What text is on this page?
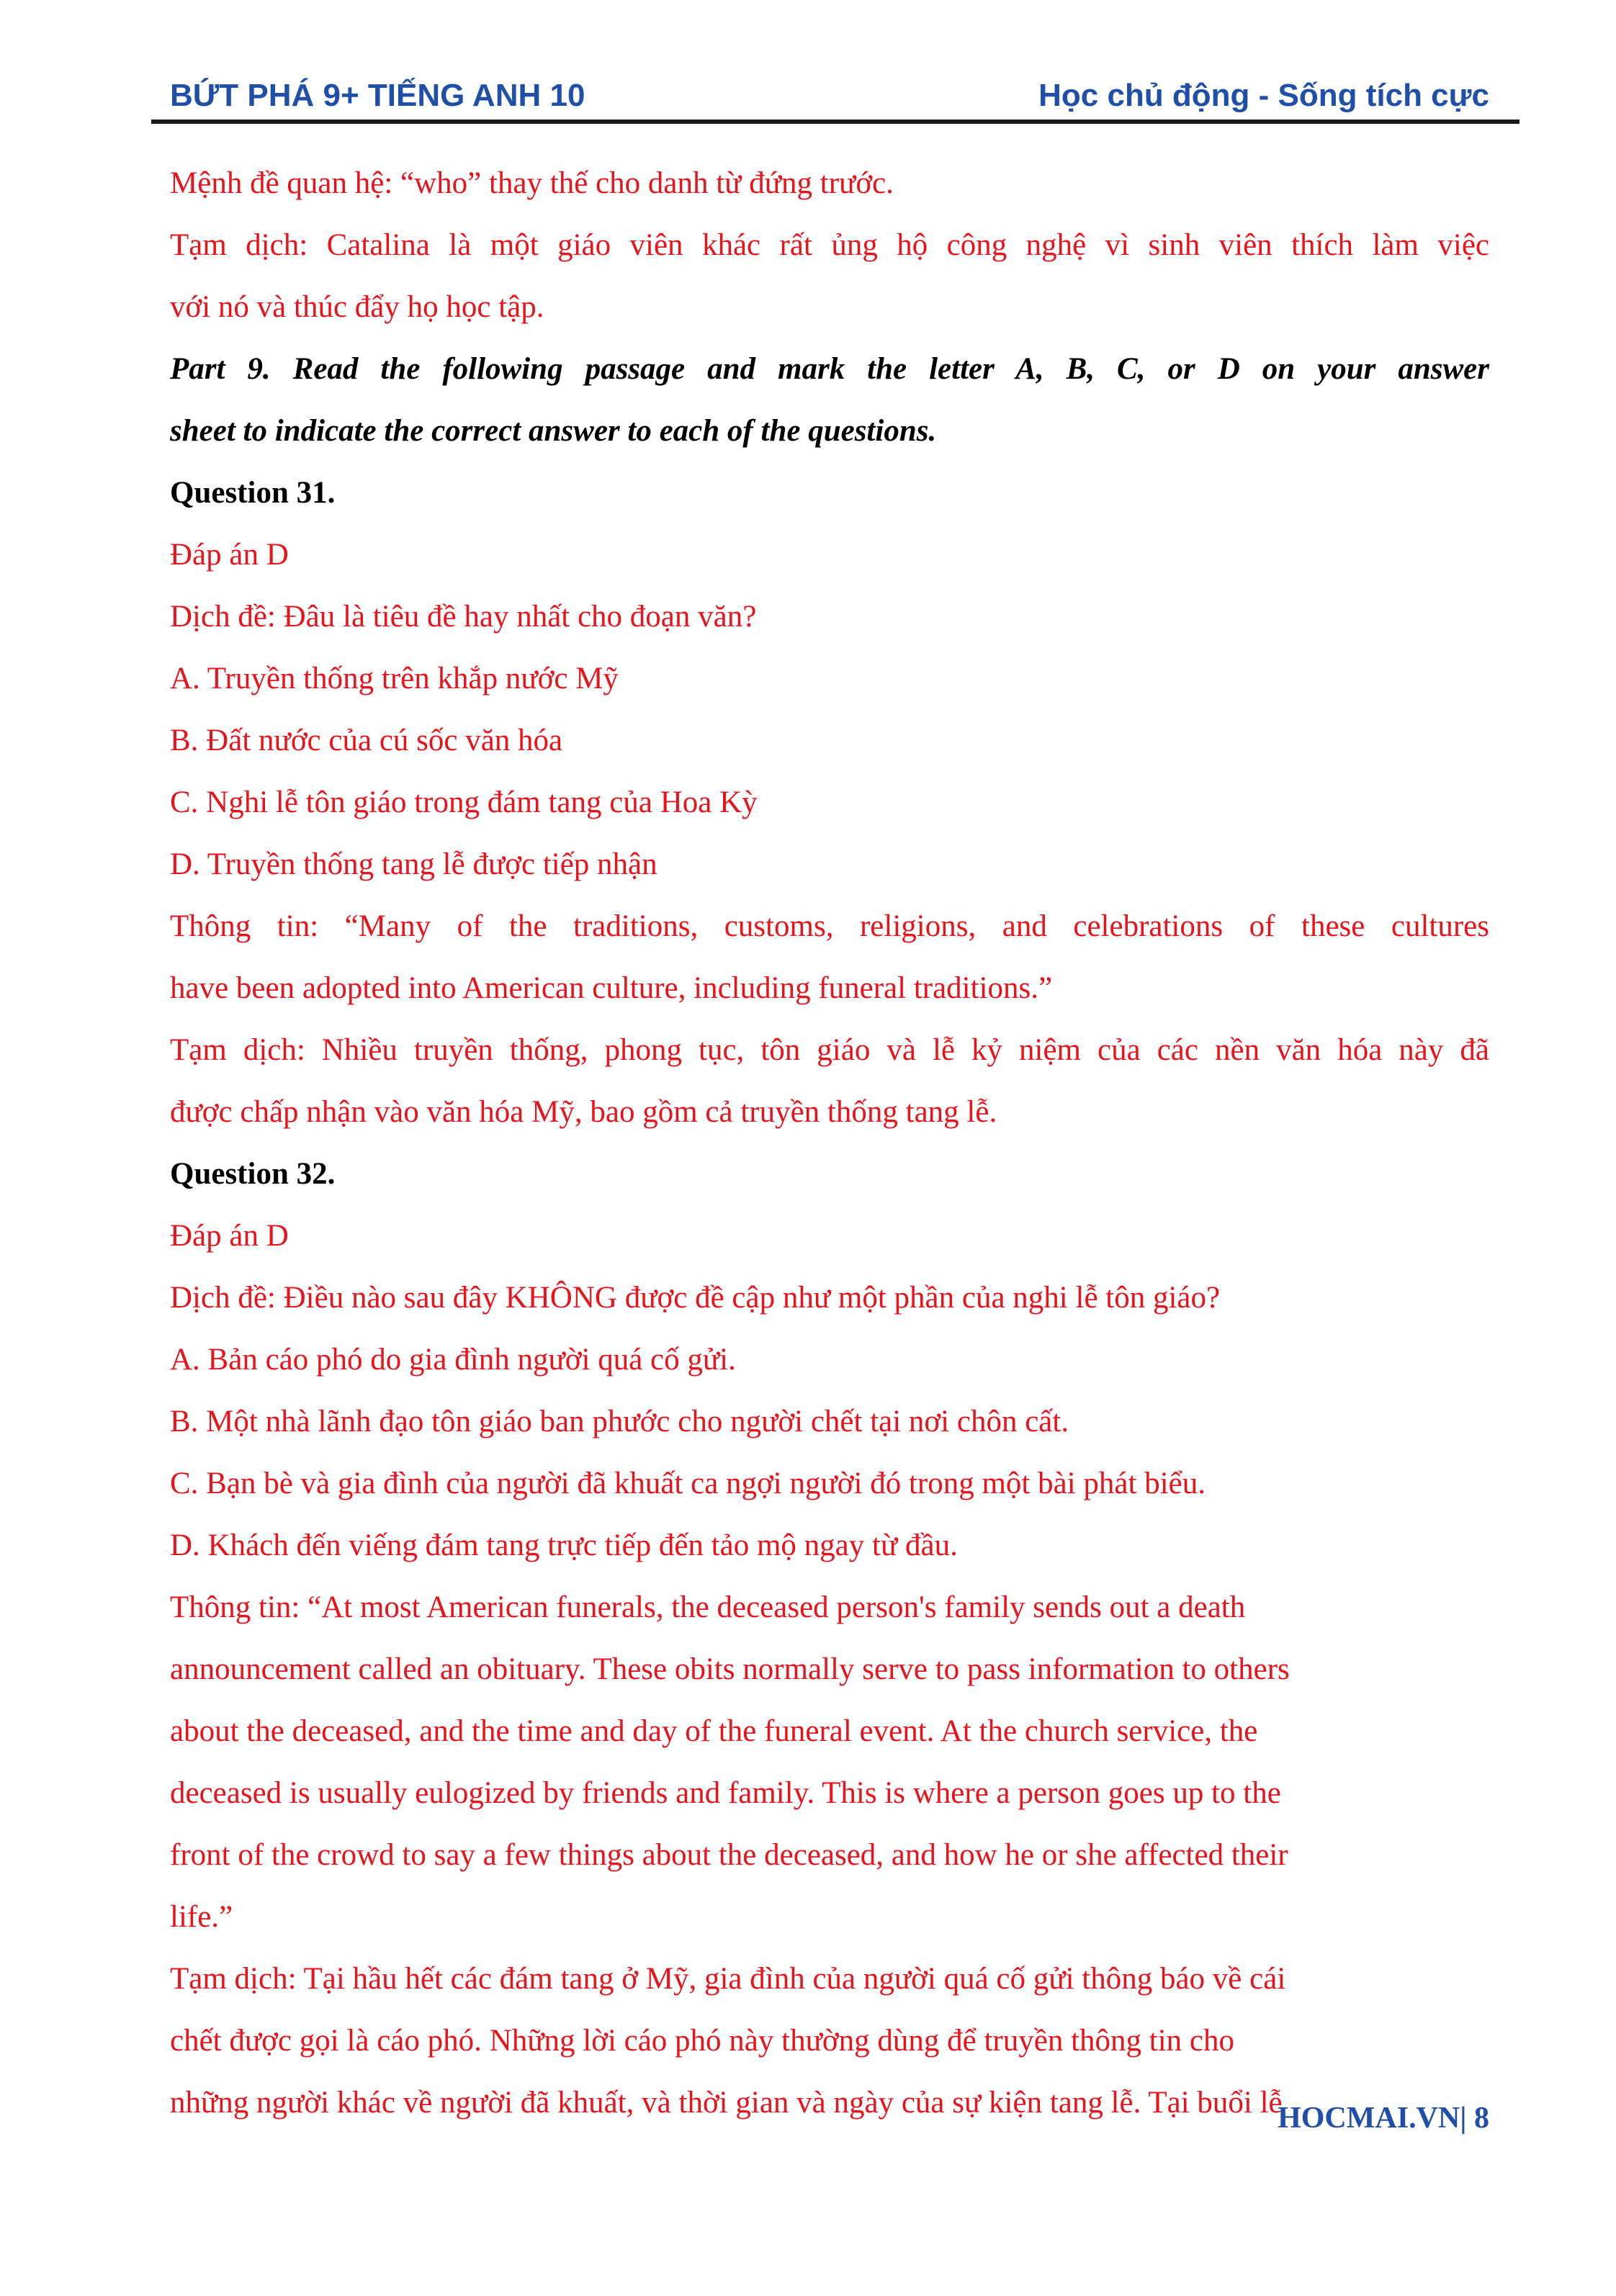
BỨT PHÁ 9+ TIẾNG ANH 10	Học chủ động - Sống tích cực
Mệnh đề quan hệ: “who” thay thế cho danh từ đứng trước.
Tạm dịch: Catalina là một giáo viên khác rất ủng hộ công nghệ vì sinh viên thích làm việc
với nó và thúc đẩy họ học tập.
Part 9. Read the following passage and mark the letter A, B, C, or D on your answer
sheet to indicate the correct answer to each of the questions.
Question 31.
Đáp án D
Dịch đề: Đâu là tiêu đề hay nhất cho đoạn văn?
A. Truyền thống trên khắp nước Mỹ
B. Đất nước của cú sốc văn hóa
C. Nghi lễ tôn giáo trong đám tang của Hoa Kỳ
D. Truyền thống tang lễ được tiếp nhận
Thông tin: “Many of the traditions, customs, religions, and celebrations of these cultures
have been adopted into American culture, including funeral traditions.”
Tạm dịch: Nhiều truyền thống, phong tục, tôn giáo và lễ kỷ niệm của các nền văn hóa này đã
được chấp nhận vào văn hóa Mỹ, bao gồm cả truyền thống tang lễ.
Question 32.
Đáp án D
Dịch đề: Điều nào sau đây KHÔNG được đề cập như một phần của nghi lễ tôn giáo?
A. Bản cáo phó do gia đình người quá cố gửi.
B. Một nhà lãnh đạo tôn giáo ban phước cho người chết tại nơi chôn cất.
C. Bạn bè và gia đình của người đã khuất ca ngợi người đó trong một bài phát biểu.
D. Khách đến viếng đám tang trực tiếp đến tảo mộ ngay từ đầu.
Thông tin: “At most American funerals, the deceased person's family sends out a death
announcement called an obituary. These obits normally serve to pass information to others
about the deceased, and the time and day of the funeral event. At the church service, the
deceased is usually eulogized by friends and family. This is where a person goes up to the
front of the crowd to say a few things about the deceased, and how he or she affected their
life.”
Tạm dịch: Tại hầu hết các đám tang ở Mỹ, gia đình của người quá cố gửi thông báo về cái
chết được gọi là cáo phó. Những lời cáo phó này thường dùng để truyền thông tin cho
những người khác về người đã khuất, và thời gian và ngày của sự kiện tang lễ. Tại buổi lễ
HOCMAI.VN| 8
